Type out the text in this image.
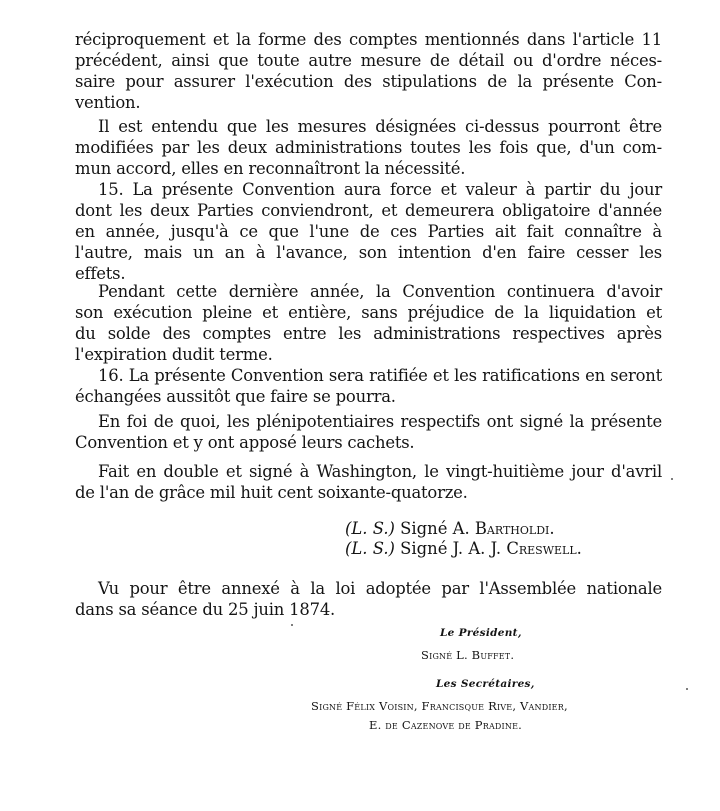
réciproquement et la forme des comptes mentionnés dans l'article 11
précédent, ainsi que toute autre mesure de détail ou d'ordre néces-
saire pour assurer l'exécution des stipulations de la présente Con-
vention.
Il est entendu que les mesures désignées ci-dessus pourront être
modifiées par les deux administrations toutes les fois que, d'un com-
mun accord, elles en reconnaîtront la nécessité.
15. La présente Convention aura force et valeur à partir du jour
dont les deux Parties conviendront, et demeurera obligatoire d'année
en année, jusqu'à ce que l'une de ces Parties ait fait connaître à
l'autre, mais un an à l'avance, son intention d'en faire cesser les
effets.
Pendant cette dernière année, la Convention continuera d'avoir
son exécution pleine et entière, sans préjudice de la liquidation et
du solde des comptes entre les administrations respectives après
l'expiration dudit terme.
16. La présente Convention sera ratifiée et les ratifications en seront
échangées aussitôt que faire se pourra.
En foi de quoi, les plénipotentiaires respectifs ont signé la présente
Convention et y ont apposé leurs cachets.
Fait en double et signé à Washington, le vingt-huitième jour d'avril
de l'an de grâce mil huit cent soixante-quatorze.
(L. S.) Signé A. Bartholdi.
(L. S.) Signé J. A. J. Creswell.
Vu pour être annexé à la loi adoptée par l'Assemblée nationale
dans sa séance du 25 juin 1874.
Le Président,
Signé L. Buffet.
Les Secrétaires,
Signé Félix Voisin, Francisque Rive, Vandier,
E. de Cazenove de Pradine.
